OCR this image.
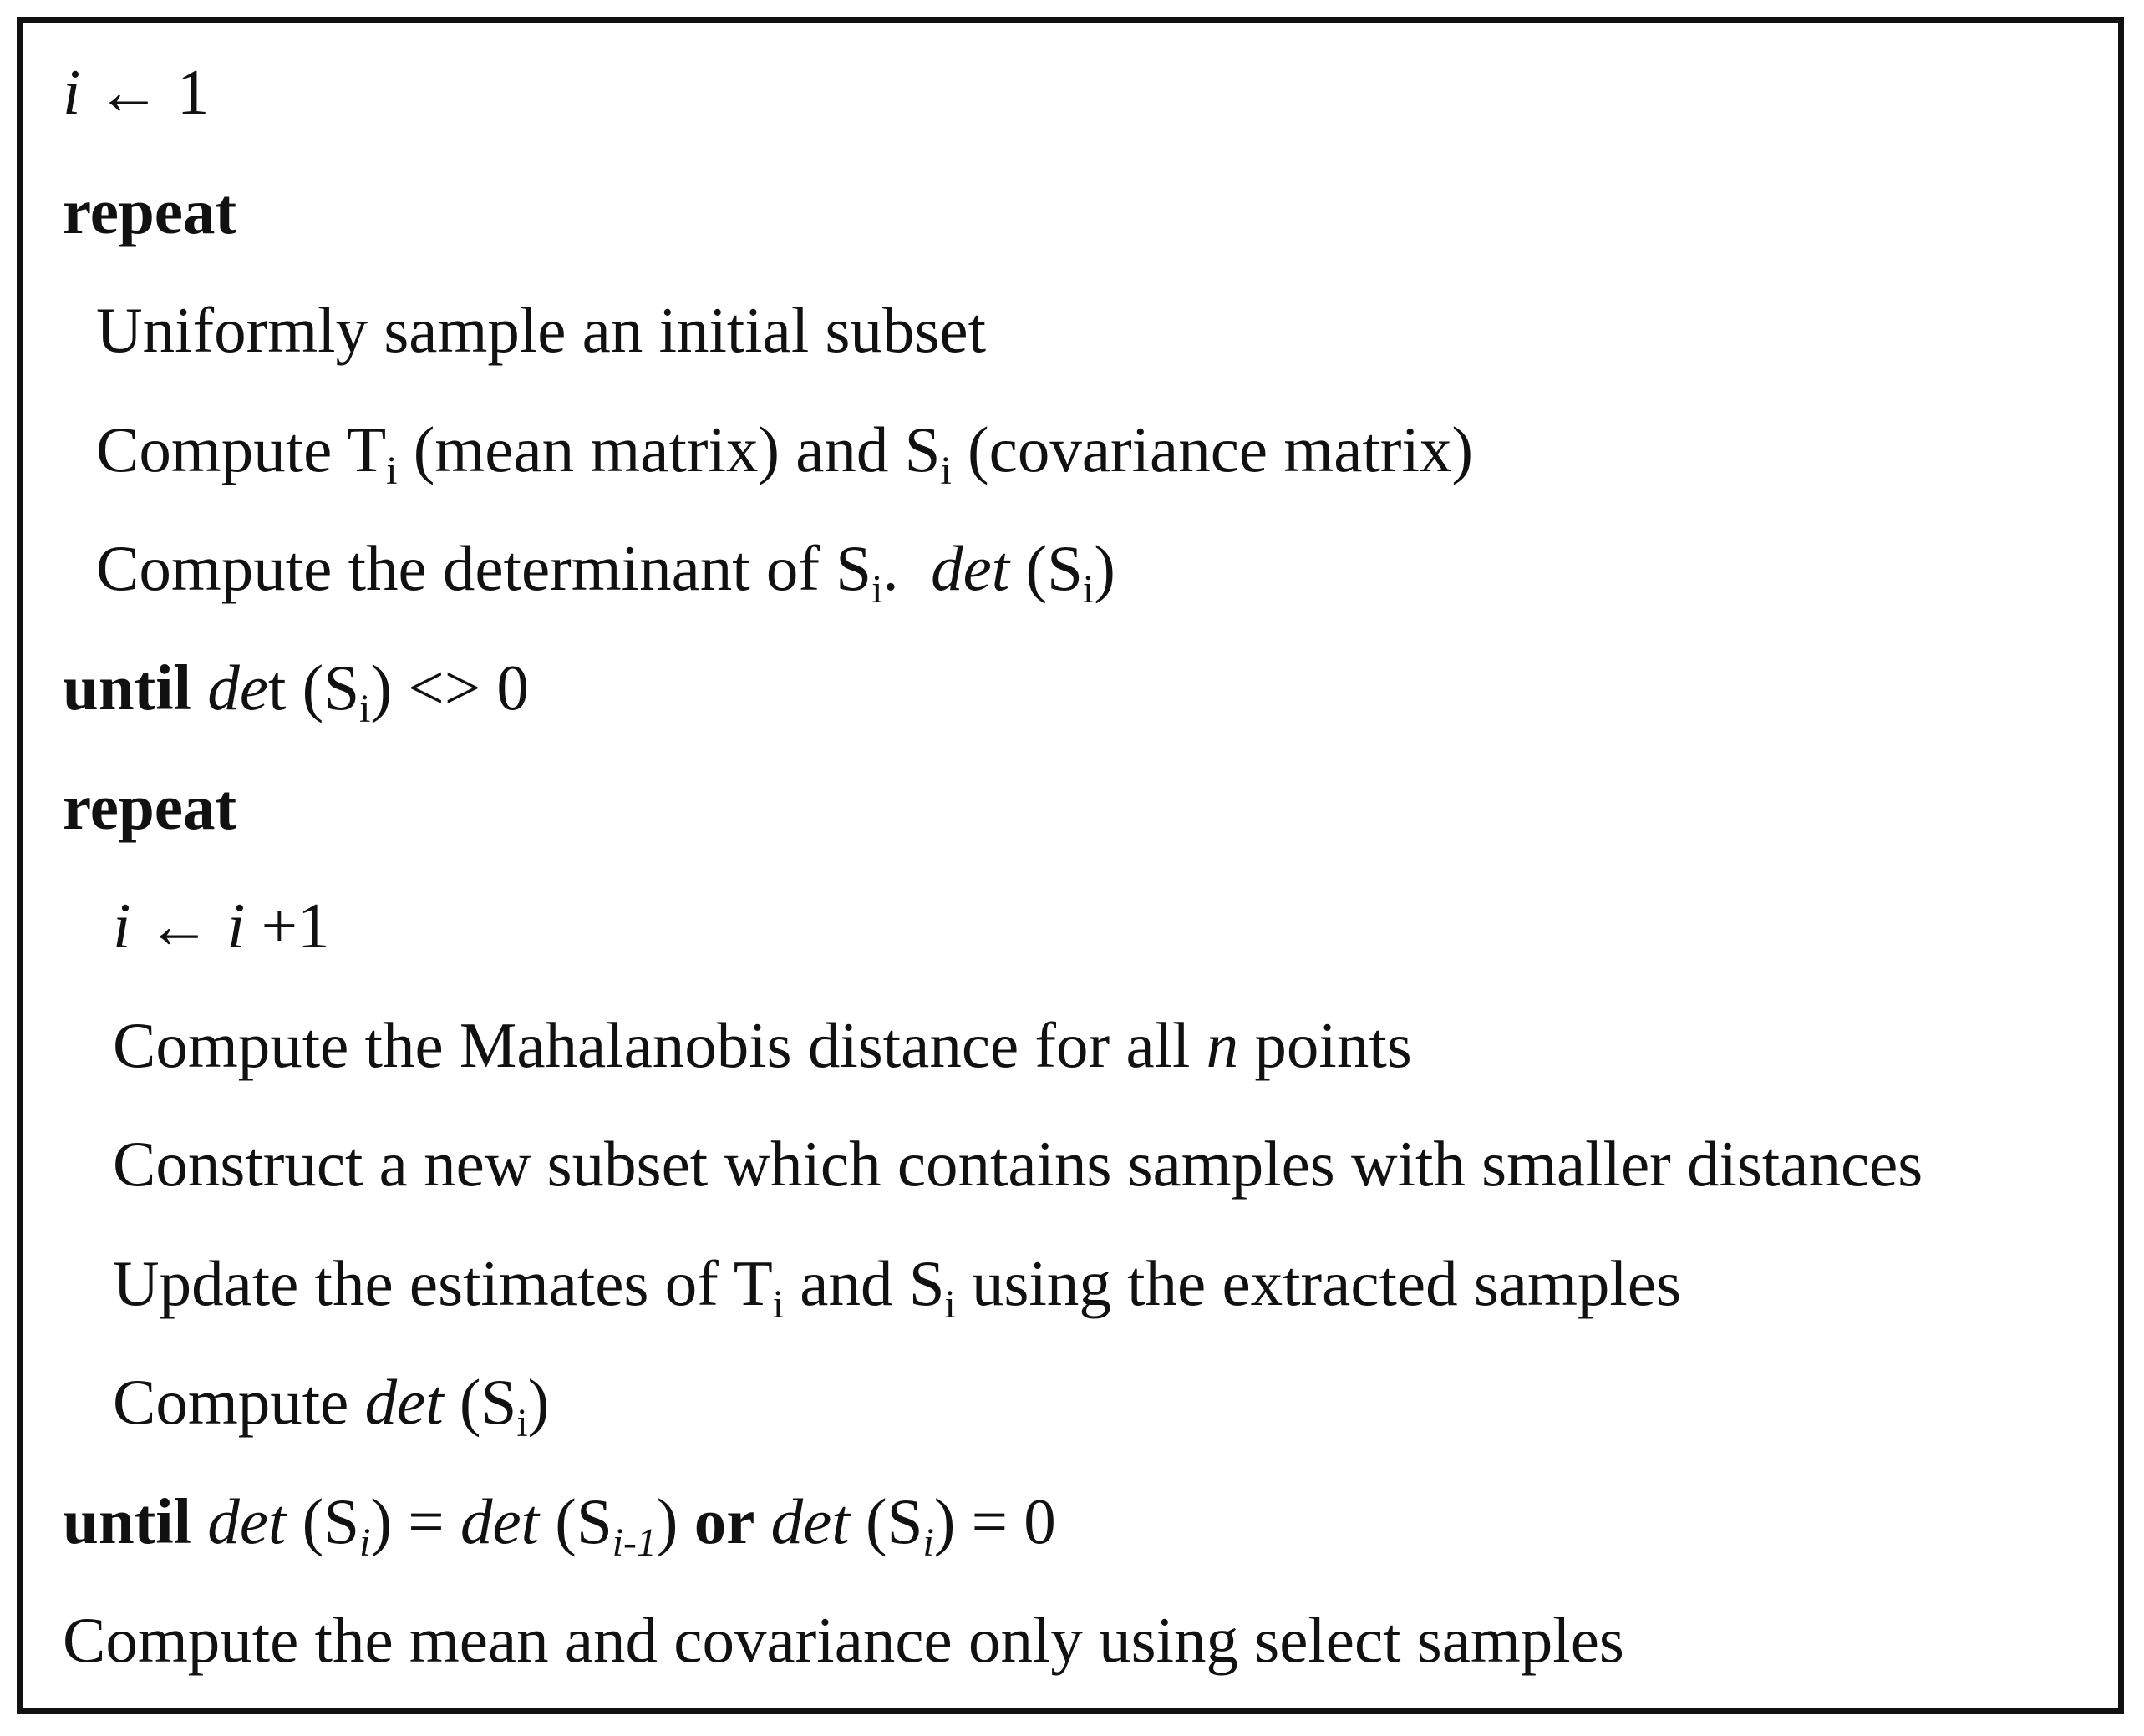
i ← 1
repeat
Uniformly sample an initial subset
Compute Ti (mean matrix) and Si (covariance matrix)
Compute the determinant of Si. det (Si)
until det (Si) <> 0
repeat
i ← i +1
Compute the Mahalanobis distance for all n points
Construct a new subset which contains samples with smaller distances
Update the estimates of Ti and Si using the extracted samples
Compute det (Si)
until det (Si) = det (Si-1) or det (Si) = 0
Compute the mean and covariance only using select samples
